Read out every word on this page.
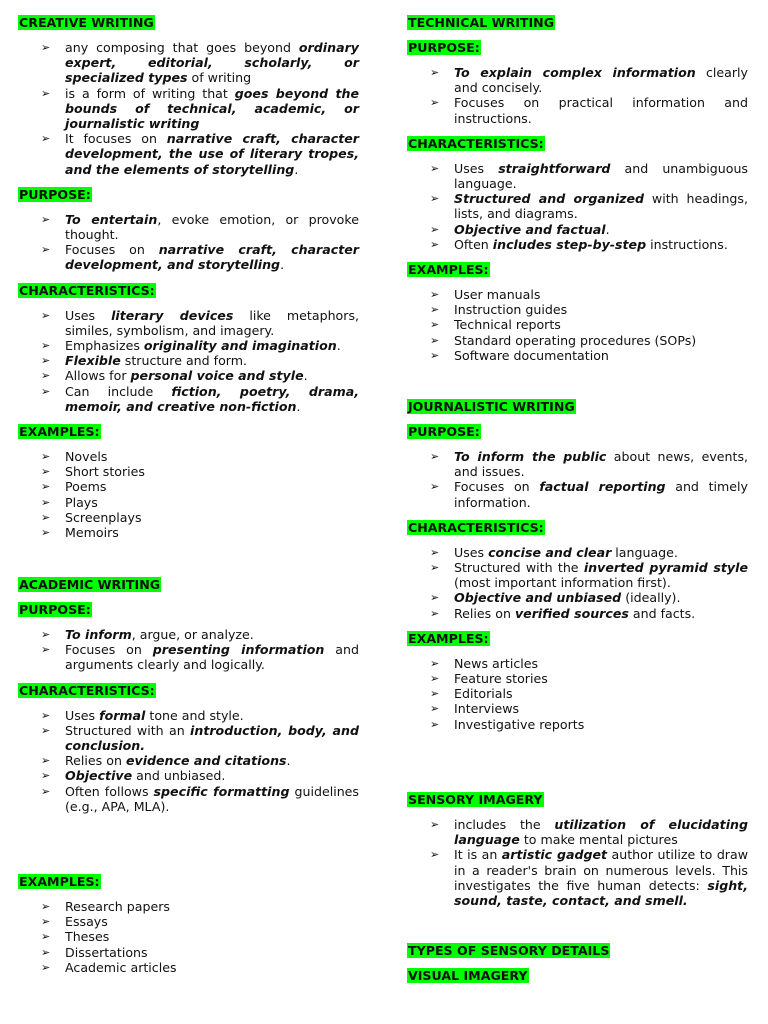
CREATIVE WRITING
➢ any composing that goes beyond ordinary expert, editorial, scholarly, or specialized types of writing
➢ is a form of writing that goes beyond the bounds of technical, academic, or journalistic writing
➢ It focuses on narrative craft, character development, the use of literary tropes, and the elements of storytelling.
PURPOSE:
➢ To entertain, evoke emotion, or provoke thought.
➢ Focuses on narrative craft, character development, and storytelling.
CHARACTERISTICS:
➢ Uses literary devices like metaphors, similes, symbolism, and imagery.
➢ Emphasizes originality and imagination.
➢ Flexible structure and form.
➢ Allows for personal voice and style.
➢ Can include fiction, poetry, drama, memoir, and creative non-fiction.
EXAMPLES:
➢ Novels
➢ Short stories
➢ Poems
➢ Plays
➢ Screenplays
➢ Memoirs
ACADEMIC WRITING
PURPOSE:
➢ To inform, argue, or analyze.
➢ Focuses on presenting information and arguments clearly and logically.
CHARACTERISTICS:
➢ Uses formal tone and style.
➢ Structured with an introduction, body, and conclusion.
➢ Relies on evidence and citations.
➢ Objective and unbiased.
➢ Often follows specific formatting guidelines (e.g., APA, MLA).
EXAMPLES:
➢ Research papers
➢ Essays
➢ Theses
➢ Dissertations
➢ Academic articles
TECHNICAL WRITING
PURPOSE:
➢ To explain complex information clearly and concisely.
➢ Focuses on practical information and instructions.
CHARACTERISTICS:
➢ Uses straightforward and unambiguous language.
➢ Structured and organized with headings, lists, and diagrams.
➢ Objective and factual.
➢ Often includes step-by-step instructions.
EXAMPLES:
➢ User manuals
➢ Instruction guides
➢ Technical reports
➢ Standard operating procedures (SOPs)
➢ Software documentation
JOURNALISTIC WRITING
PURPOSE:
➢ To inform the public about news, events, and issues.
➢ Focuses on factual reporting and timely information.
CHARACTERISTICS:
➢ Uses concise and clear language.
➢ Structured with the inverted pyramid style (most important information first).
➢ Objective and unbiased (ideally).
➢ Relies on verified sources and facts.
EXAMPLES:
➢ News articles
➢ Feature stories
➢ Editorials
➢ Interviews
➢ Investigative reports
SENSORY IMAGERY
➢ includes the utilization of elucidating language to make mental pictures
➢ It is an artistic gadget author utilize to draw in a reader's brain on numerous levels. This investigates the five human detects: sight, sound, taste, contact, and smell.
TYPES OF SENSORY DETAILS
VISUAL IMAGERY
